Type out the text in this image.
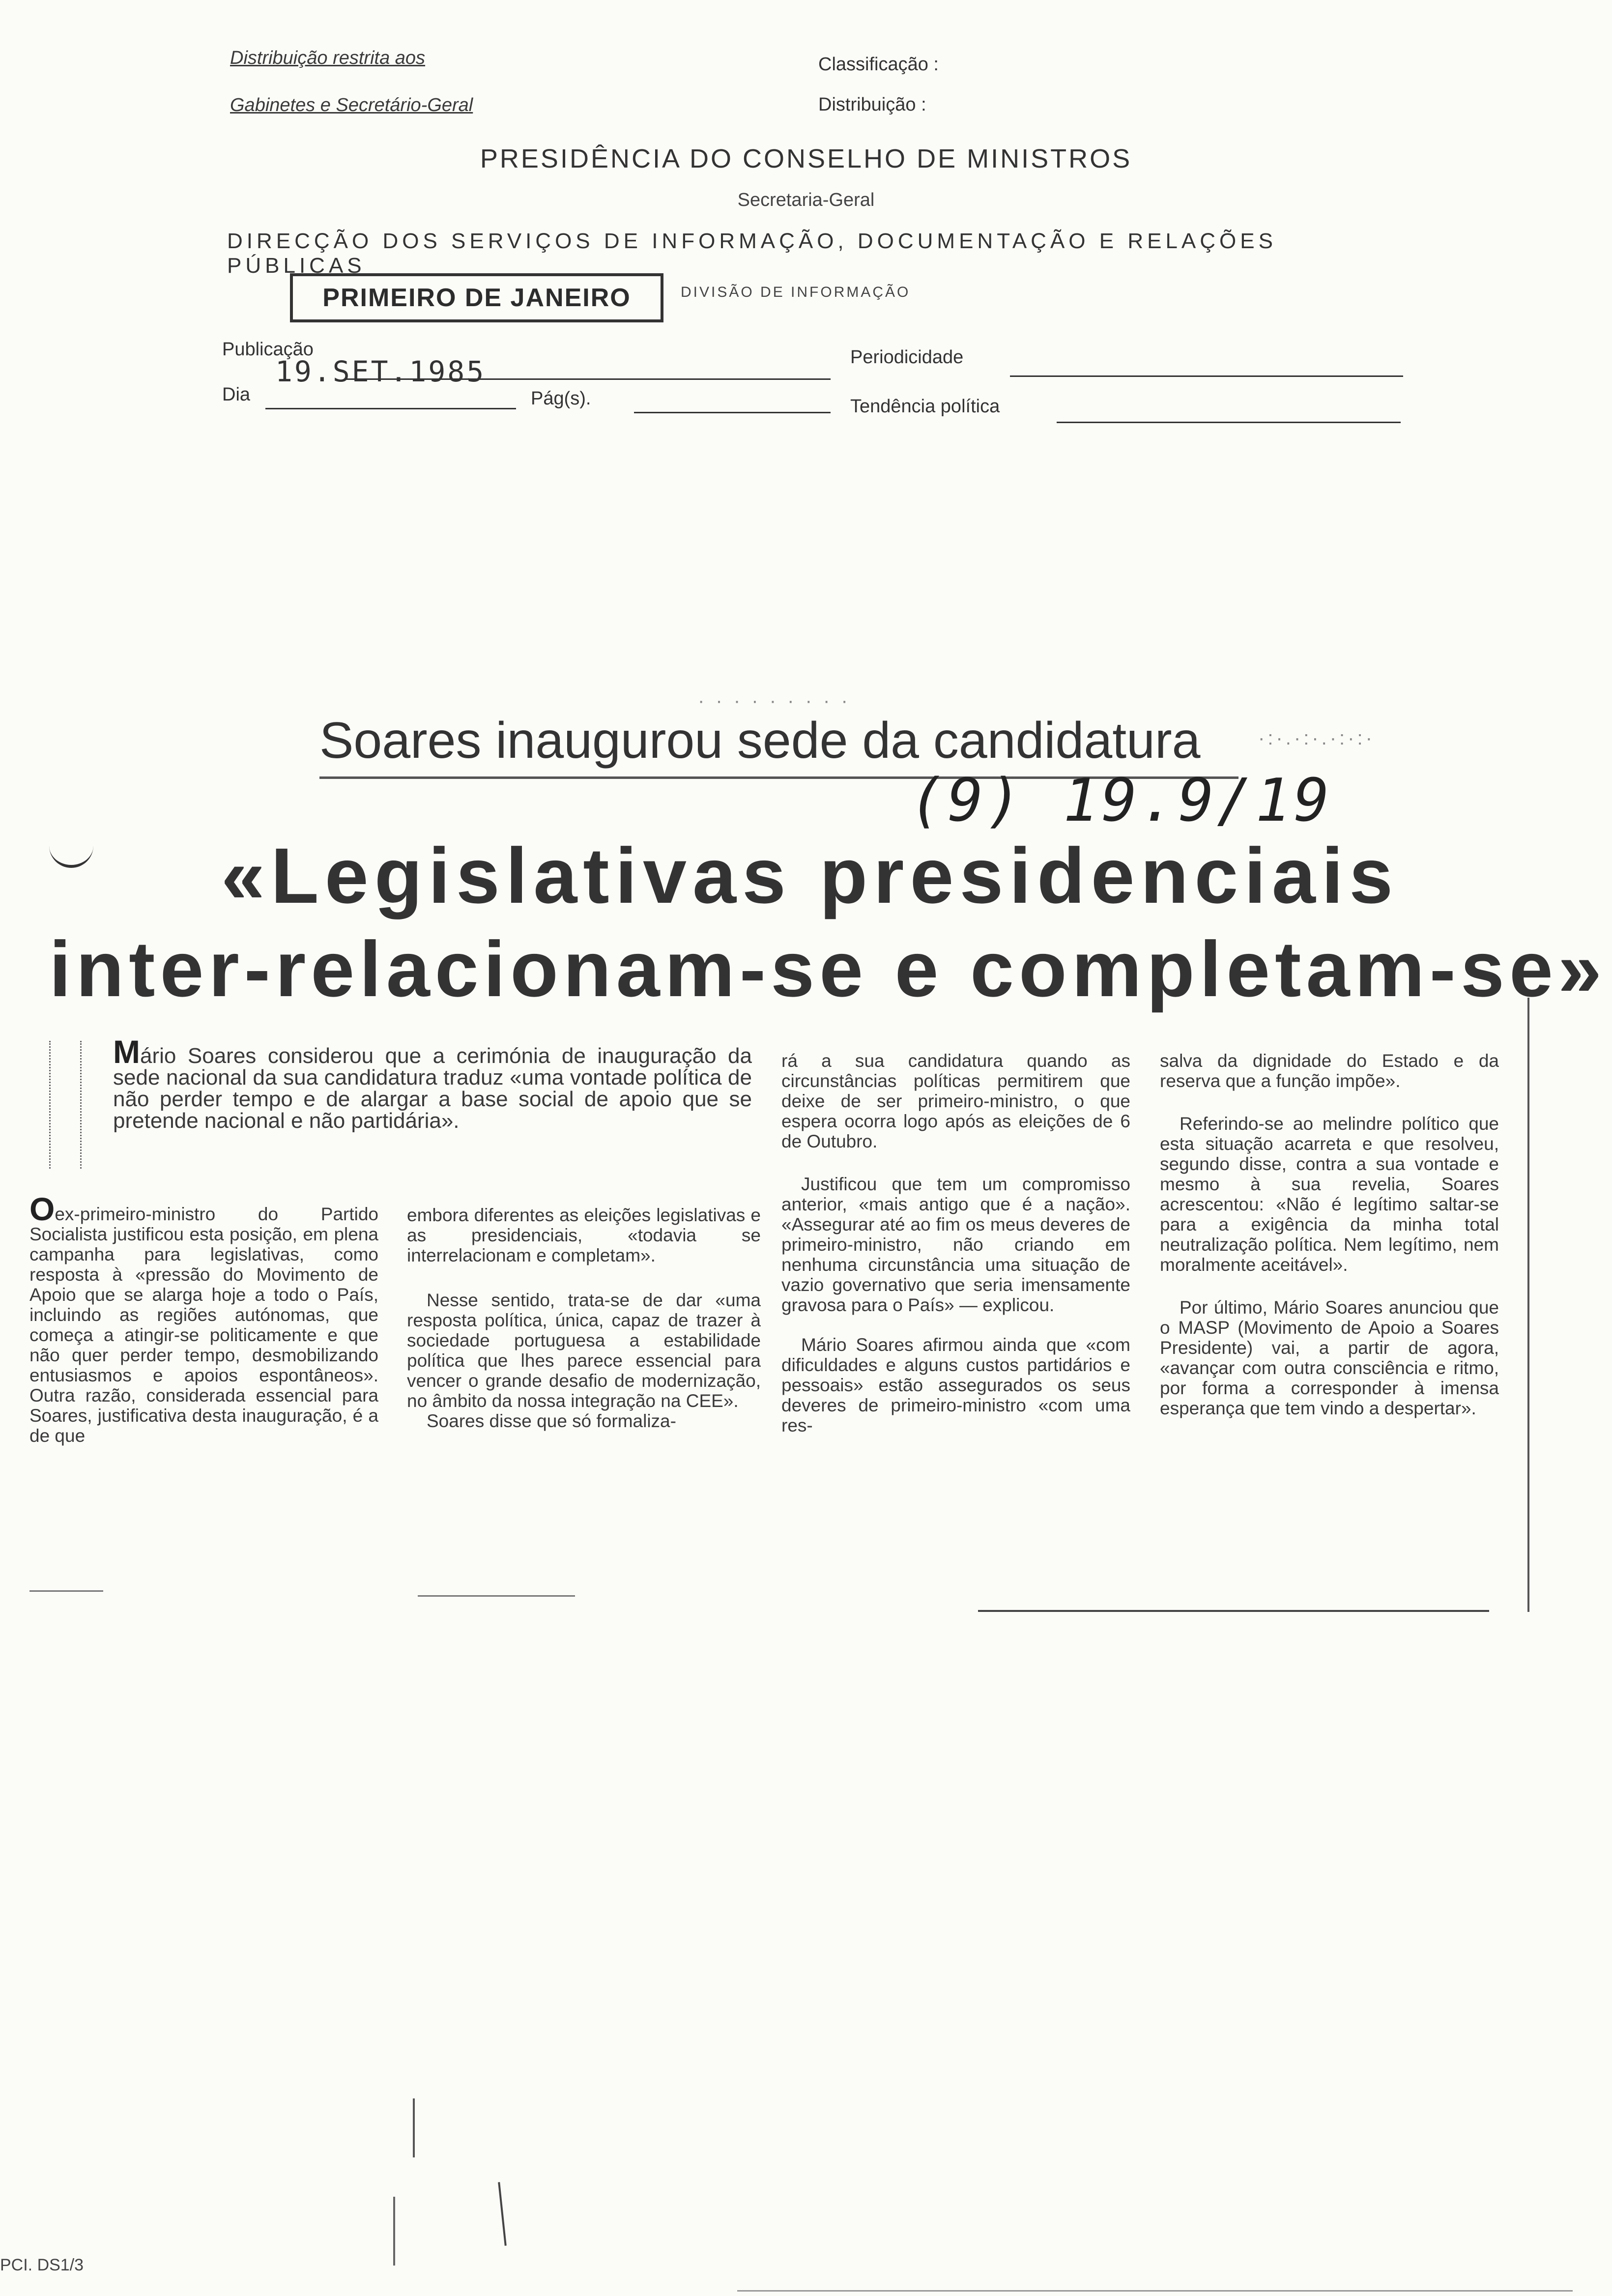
Distribuição restrita aos
Gabinetes e Secretário-Geral
Classificação :
Distribuição :
PRESIDÊNCIA DO CONSELHO DE MINISTROS
Secretaria-Geral
DIRECÇÃO DOS SERVIÇOS DE INFORMAÇÃO, DOCUMENTAÇÃO E RELAÇÕES PÚBLICAS
PRIMEIRO DE JANEIRO	DIVISÃO DE INFORMAÇÃO
Publicação
19.SET.1985	Periodicidade
Dia	Pág(s).	Tendência política
· · · · · · · · ·
Soares inaugurou sede da candidatura
(9) 19.9/19
·:·.·:·.·:·:·
«Legislativas presidenciais
inter-relacionam-se e completam-se»
Mário Soares considerou que a cerimónia de inauguração da sede nacional da sua candidatura traduz «uma vontade política de não perder tempo e de alargar a base social de apoio que se pretende nacional e não partidária».
Oex-primeiro-ministro do Partido Socialista justificou esta posição, em plena campanha para legislativas, como resposta à «pressão do Movimento de Apoio que se alarga hoje a todo o País, incluindo as regiões autónomas, que começa a atingir-se politicamente e que não quer perder tempo, desmobilizando entusiasmos e apoios espontâneos». Outra razão, considerada essencial para Soares, justificativa desta inauguração, é a de que
embora diferentes as eleições legislativas e as presidenciais, «todavia se interrelacionam e completam».
Nesse sentido, trata-se de dar «uma resposta política, única, capaz de trazer à sociedade portuguesa a estabilidade política que lhes parece essencial para vencer o grande desafio de modernização, no âmbito da nossa integração na CEE».
Soares disse que só formaliza-
rá a sua candidatura quando as circunstâncias políticas permitirem que deixe de ser primeiro-ministro, o que espera ocorra logo após as eleições de 6 de Outubro.
Justificou que tem um compromisso anterior, «mais antigo que é a nação». «Assegurar até ao fim os meus deveres de primeiro-ministro, não criando em nenhuma circunstância uma situação de vazio governativo que seria imensamente gravosa para o País» — explicou.
Mário Soares afirmou ainda que «com dificuldades e alguns custos partidários e pessoais» estão assegurados os seus deveres de primeiro-ministro «com uma res-
salva da dignidade do Estado e da reserva que a função impõe».
Referindo-se ao melindre político que esta situação acarreta e que resolveu, segundo disse, contra a sua vontade e mesmo à sua revelia, Soares acrescentou: «Não é legítimo saltar-se para a exigência da minha total neutralização política. Nem legítimo, nem moralmente aceitável».
Por último, Mário Soares anunciou que o MASP (Movimento de Apoio a Soares Presidente) vai, a partir de agora, «avançar com outra consciência e ritmo, por forma a corresponder à imensa esperança que tem vindo a despertar».
PCI. DS1/3
